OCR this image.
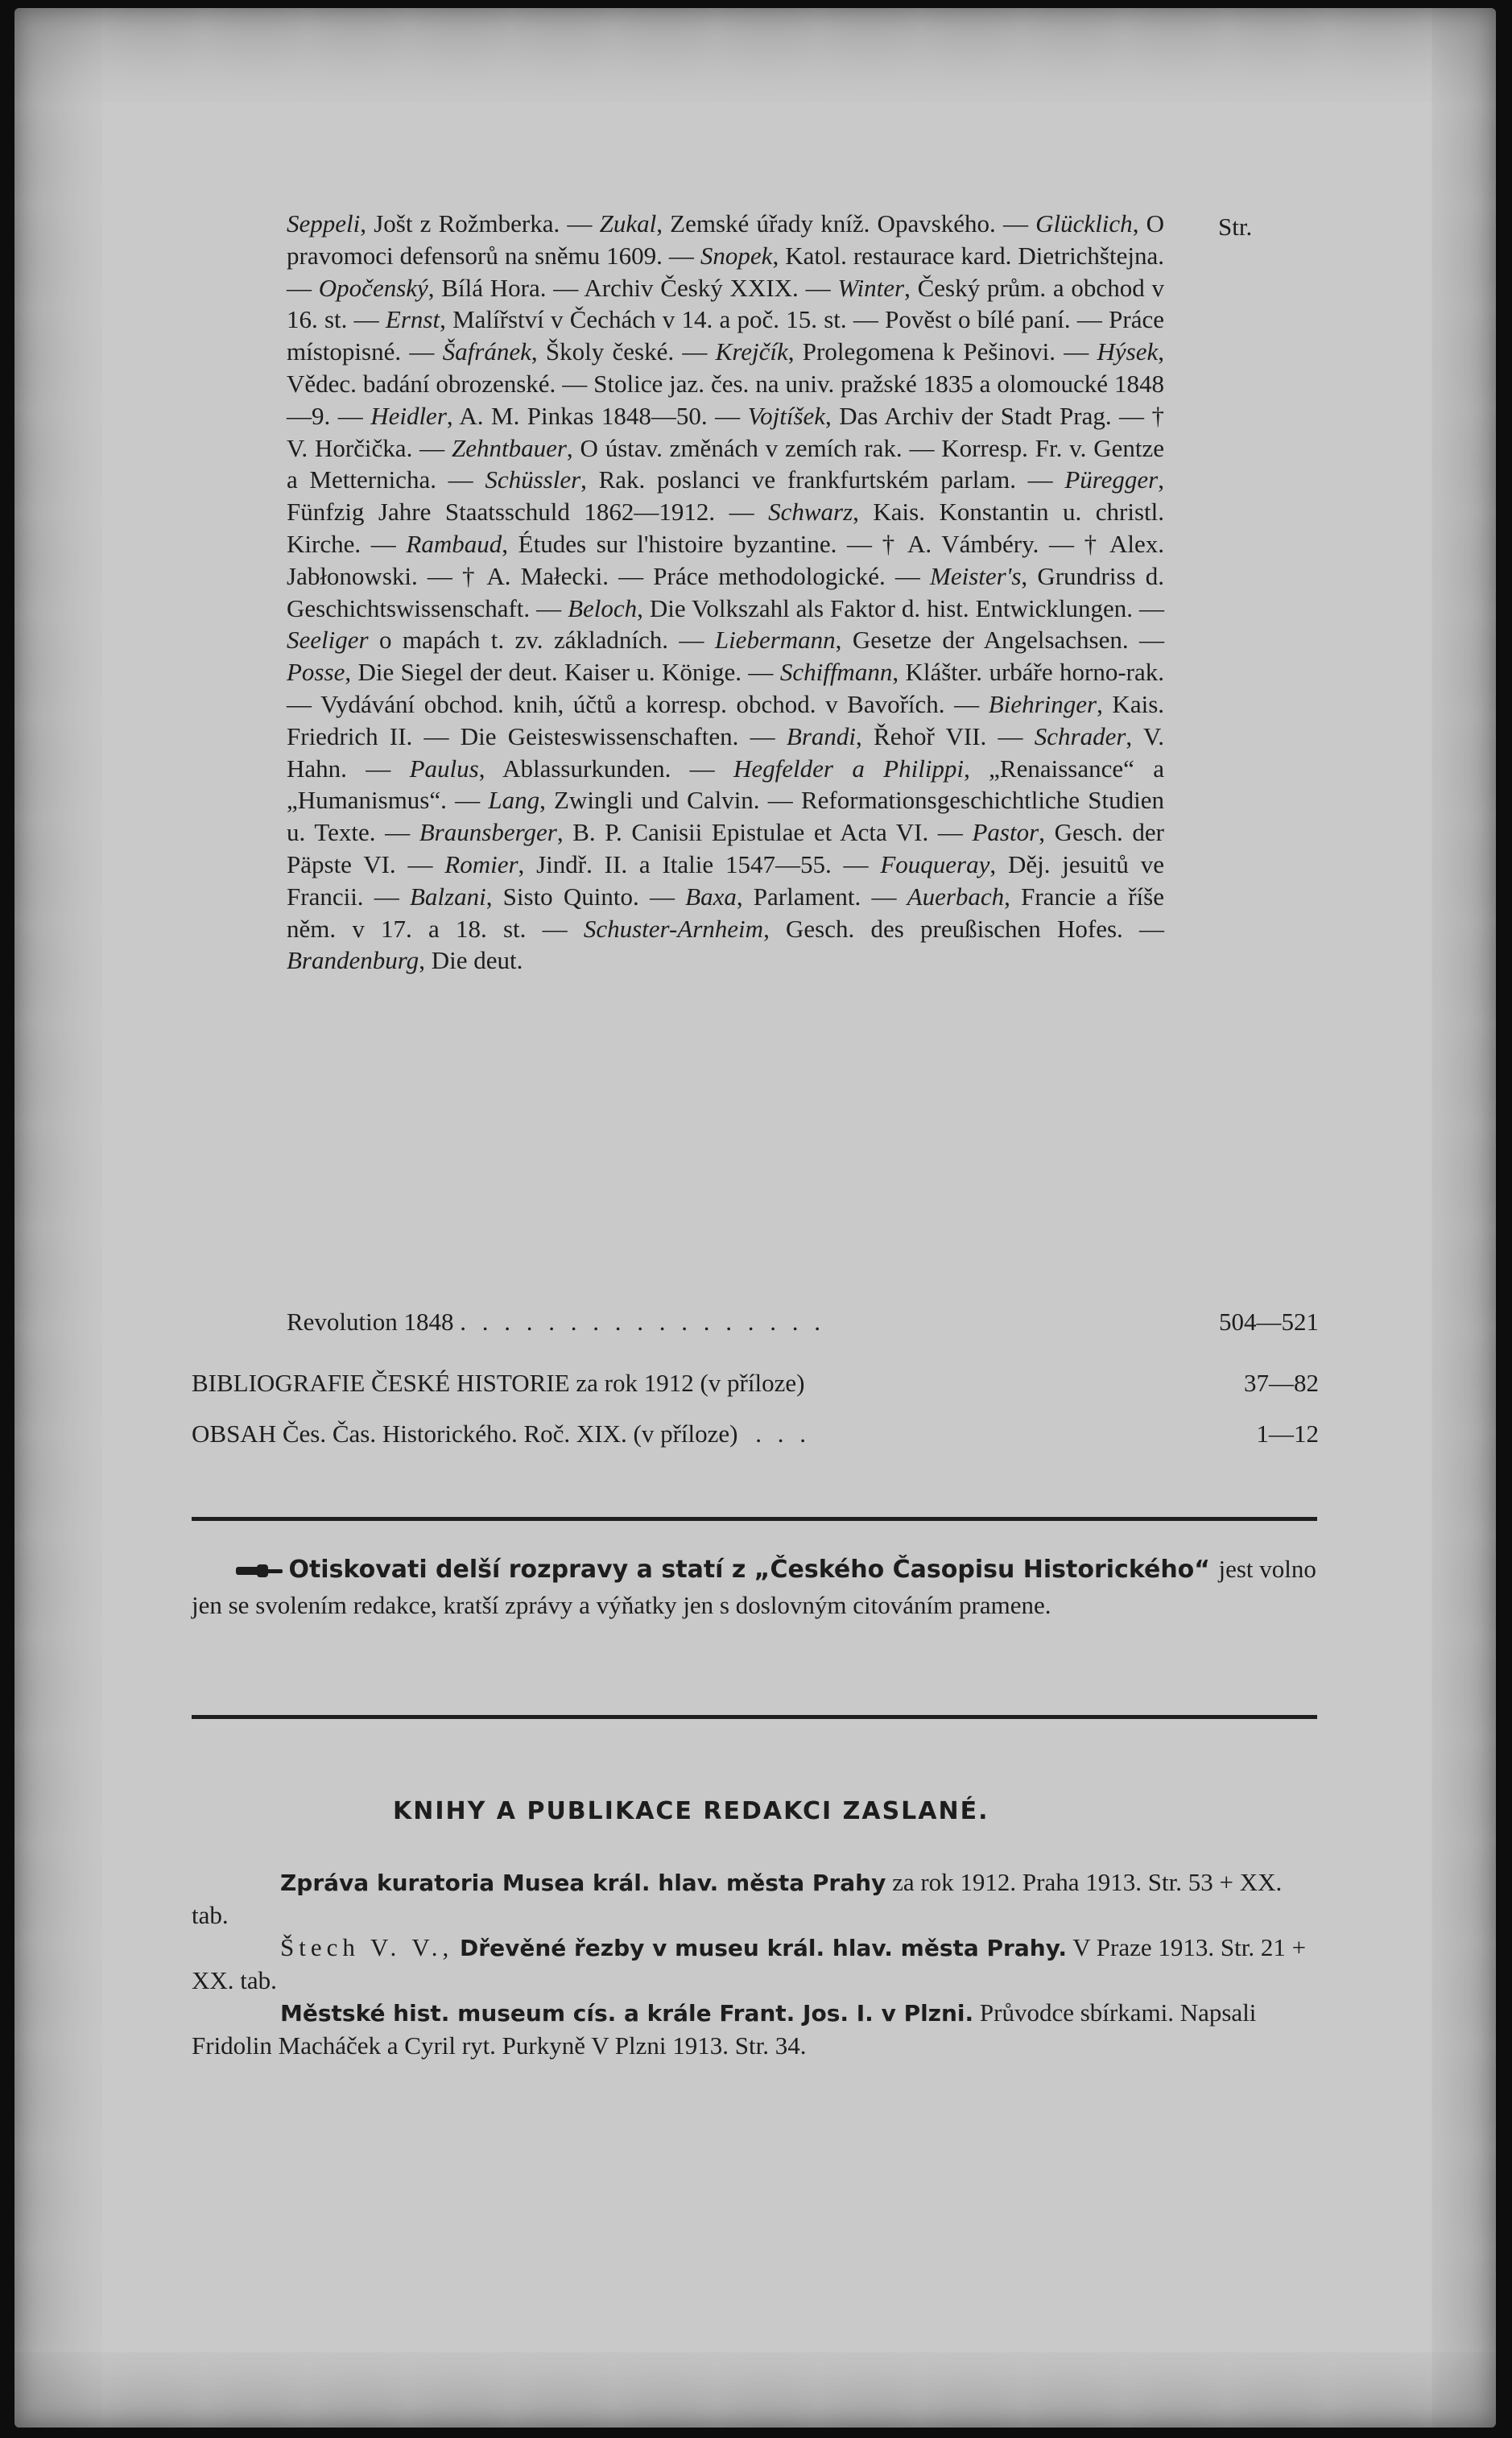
Str.
Seppeli, Jošt z Rožmberka. — Zukal, Zemské úřady kníž. Opavského. — Glücklich, O pravomoci defensorů na sněmu 1609. — Snopek, Katol. restaurace kard. Dietrichštejna. — Opočenský, Bílá Hora. — Archiv Český XXIX. — Winter, Český prům. a obchod v 16. st. — Ernst, Malířství v Čechách v 14. a poč. 15. st. — Pověst o bílé paní. — Práce místopisné. — Šafránek, Školy české. — Krejčík, Prolegomena k Pešinovi. — Hýsek, Vědec. badání obrozenské. — Stolice jaz. čes. na univ. pražské 1835 a olomoucké 1848—9. — Heidler, A. M. Pinkas 1848—50. — Vojtíšek, Das Archiv der Stadt Prag. — † V. Horčička. — Zehntbauer, O ústav. změnách v zemích rak. — Korresp. Fr. v. Gentze a Metternicha. — Schüssler, Rak. poslanci ve frankfurtském parlam. — Püregger, Fünfzig Jahre Staatsschuld 1862—1912. — Schwarz, Kais. Konstantin u. christl. Kirche. — Rambaud, Études sur l'histoire byzantine. — † A. Vámbéry. — † Alex. Jabłonowski. — † A. Małecki. — Práce methodologické. — Meister's, Grundriss d. Geschichtswissenschaft. — Beloch, Die Volkszahl als Faktor d. hist. Entwicklungen. — Seeliger o mapách t. zv. základních. — Liebermann, Gesetze der Angelsachsen. — Posse, Die Siegel der deut. Kaiser u. Könige. — Schiffmann, Klášter. urbáře horno-rak. — Vydávání obchod. knih, účtů a korresp. obchod. v Bavořích. — Biehringer, Kais. Friedrich II. — Die Geisteswissenschaften. — Brandi, Řehoř VII. — Schrader, V. Hahn. — Paulus, Ablassurkunden. — Hegfelder a Philippi, „Renaissance“ a „Humanismus“. — Lang, Zwingli und Calvin. — Reformationsgeschichtliche Studien u. Texte. — Braunsberger, B. P. Canisii Epistulae et Acta VI. — Pastor, Gesch. der Päpste VI. — Romier, Jindř. II. a Italie 1547—55. — Fouqueray, Děj. jesuitů ve Francii. — Balzani, Sisto Quinto. — Baxa, Parlament. — Auerbach, Francie a říše něm. v 17. a 18. st. — Schuster-Arnheim, Gesch. des preußischen Hofes. — Brandenburg, Die deut.
Revolution 1848 . . . . . . . . . . . . . . . . .	504—521
BIBLIOGRAFIE ČESKÉ HISTORIE za rok 1912 (v příloze)	37—82
OBSAH Čes. Čas. Historického. Roč. XIX. (v příloze) . . .	1—12
Otiskovati delší rozpravy a statí z „Českého Časopisu Historického“ jest volno jen se svolením redakce, kratší zprávy a výňatky jen s doslovným citováním pramene.
KNIHY A PUBLIKACE REDAKCI ZASLANÉ.
Zpráva kuratoria Musea král. hlav. města Prahy za rok 1912. Praha 1913. Str. 53 + XX. tab.
Štech V. V., Dřevěné řezby v museu král. hlav. města Prahy. V Praze 1913. Str. 21 + XX. tab.
Městské hist. museum cís. a krále Frant. Jos. I. v Plzni. Průvodce sbírkami. Napsali Fridolin Macháček a Cyril ryt. Purkyně V Plzni 1913. Str. 34.
